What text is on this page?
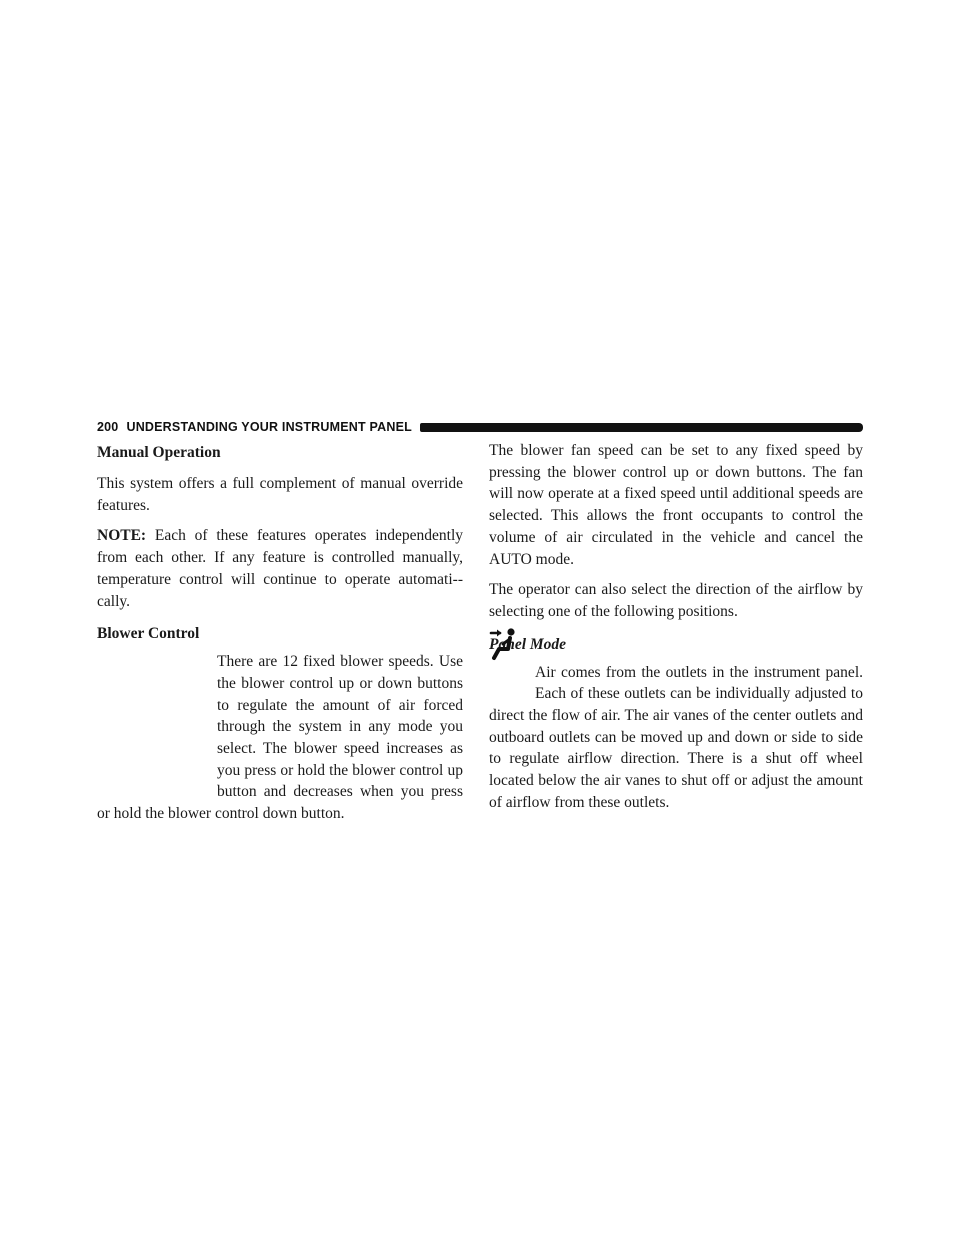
200 UNDERSTANDING YOUR INSTRUMENT PANEL
Manual Operation

This system offers a full complement of manual override features.

NOTE: Each of these features operates independently from each other. If any feature is controlled manually, temperature control will continue to operate automati-cally.

Blower Control

There are 12 fixed blower speeds. Use the blower control up or down buttons to regulate the amount of air forced through the system in any mode you select. The blower speed increases as you press or hold the blower control up button and decreases when you press or hold the blower control down button.

The blower fan speed can be set to any fixed speed by pressing the blower control up or down buttons. The fan will now operate at a fixed speed until additional speeds are selected. This allows the front occupants to control the volume of air circulated in the vehicle and cancel the AUTO mode.

The operator can also select the direction of the airflow by selecting one of the following positions.

Panel Mode

Air comes from the outlets in the instrument panel. Each of these outlets can be individually adjusted to direct the flow of air. The air vanes of the center outlets and outboard outlets can be moved up and down or side to side to regulate airflow direction. There is a shut off wheel located below the air vanes to shut off or adjust the amount of airflow from these outlets.
